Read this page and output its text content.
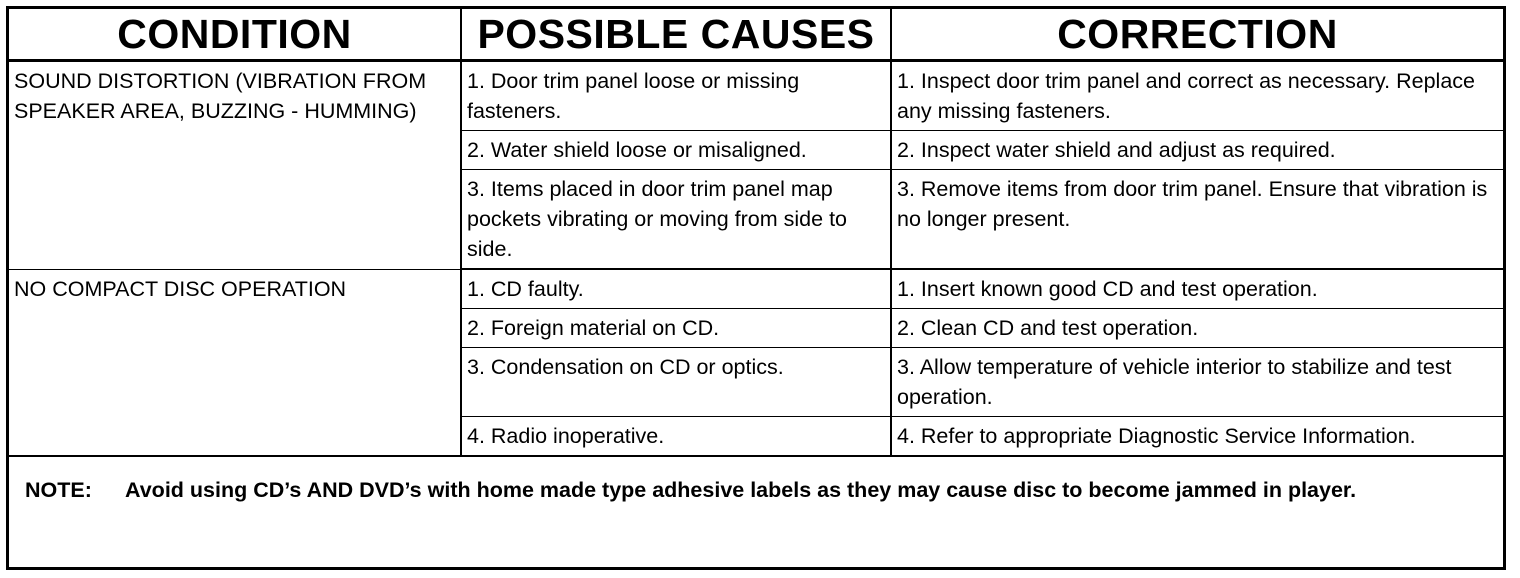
CONDITION	POSSIBLE CAUSES	CORRECTION
SOUND DISTORTION (VIBRATION FROM SPEAKER AREA, BUZZING - HUMMING)	1. Door trim panel loose or missing fasteners.	1. Inspect door trim panel and correct as necessary. Replace any missing fasteners.
	2. Water shield loose or misaligned.	2. Inspect water shield and adjust as required.
	3. Items placed in door trim panel map pockets vibrating or moving from side to side.	3. Remove items from door trim panel. Ensure that vibration is no longer present.
NO COMPACT DISC OPERATION	1. CD faulty.	1. Insert known good CD and test operation.
	2. Foreign material on CD.	2. Clean CD and test operation.
	3. Condensation on CD or optics.	3. Allow temperature of vehicle interior to stabilize and test operation.
	4. Radio inoperative.	4. Refer to appropriate Diagnostic Service Information.
NOTE:	Avoid using CD’s AND DVD’s with home made type adhesive labels as they may cause disc to become jammed in player.
